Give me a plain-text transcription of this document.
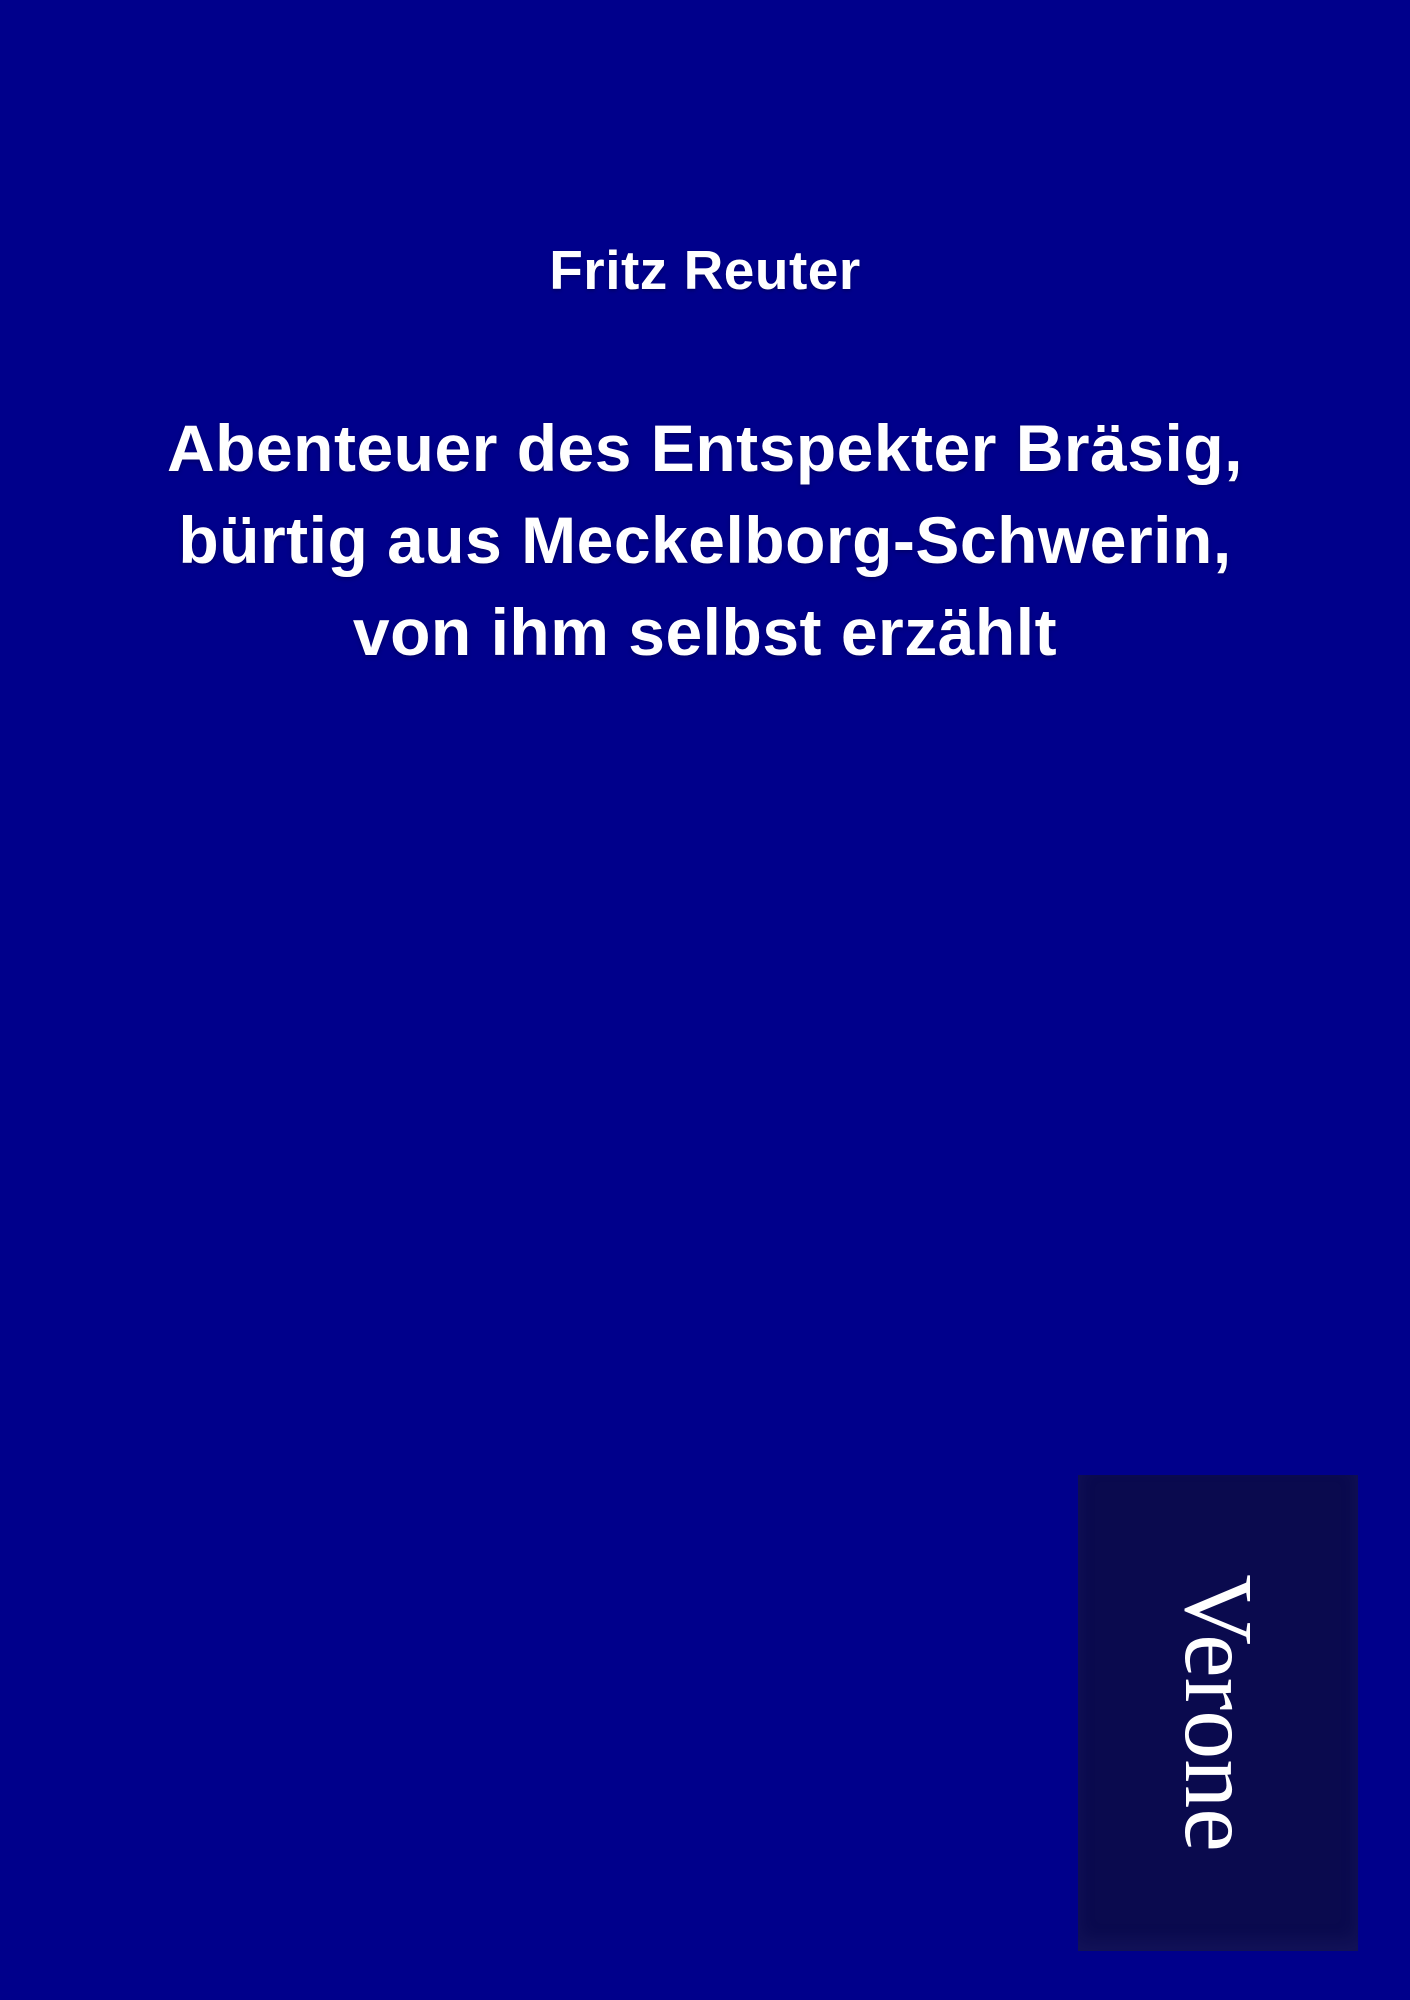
Fritz Reuter
Abenteuer des Entspekter Bräsig,
bürtig aus Meckelborg-Schwerin,
von ihm selbst erzählt
Verone
